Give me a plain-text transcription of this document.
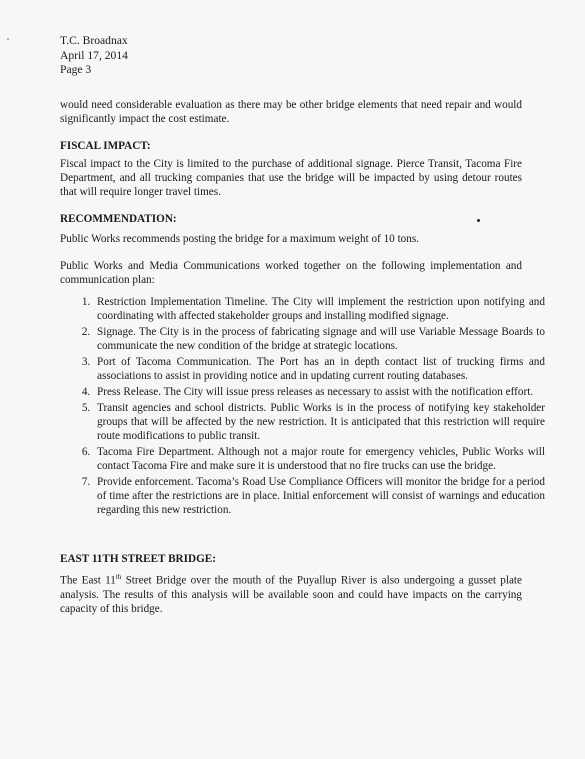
T.C. Broadnax
April 17, 2014
Page 3

would need considerable evaluation as there may be other bridge elements that need repair and would significantly impact the cost estimate.

FISCAL IMPACT:

Fiscal impact to the City is limited to the purchase of additional signage. Pierce Transit, Tacoma Fire Department, and all trucking companies that use the bridge will be impacted by using detour routes that will require longer travel times.

RECOMMENDATION:

Public Works recommends posting the bridge for a maximum weight of 10 tons.

Public Works and Media Communications worked together on the following implementation and communication plan:

1. Restriction Implementation Timeline. The City will implement the restriction upon notifying and coordinating with affected stakeholder groups and installing modified signage.
2. Signage. The City is in the process of fabricating signage and will use Variable Message Boards to communicate the new condition of the bridge at strategic locations.
3. Port of Tacoma Communication. The Port has an in depth contact list of trucking firms and associations to assist in providing notice and in updating current routing databases.
4. Press Release. The City will issue press releases as necessary to assist with the notification effort.
5. Transit agencies and school districts. Public Works is in the process of notifying key stakeholder groups that will be affected by the new restriction. It is anticipated that this restriction will require route modifications to public transit.
6. Tacoma Fire Department. Although not a major route for emergency vehicles, Public Works will contact Tacoma Fire and make sure it is understood that no fire trucks can use the bridge.
7. Provide enforcement. Tacoma’s Road Use Compliance Officers will monitor the bridge for a period of time after the restrictions are in place. Initial enforcement will consist of warnings and education regarding this new restriction.
EAST 11TH STREET BRIDGE:

The East 11th Street Bridge over the mouth of the Puyallup River is also undergoing a gusset plate analysis. The results of this analysis will be available soon and could have impacts on the carrying capacity of this bridge.
